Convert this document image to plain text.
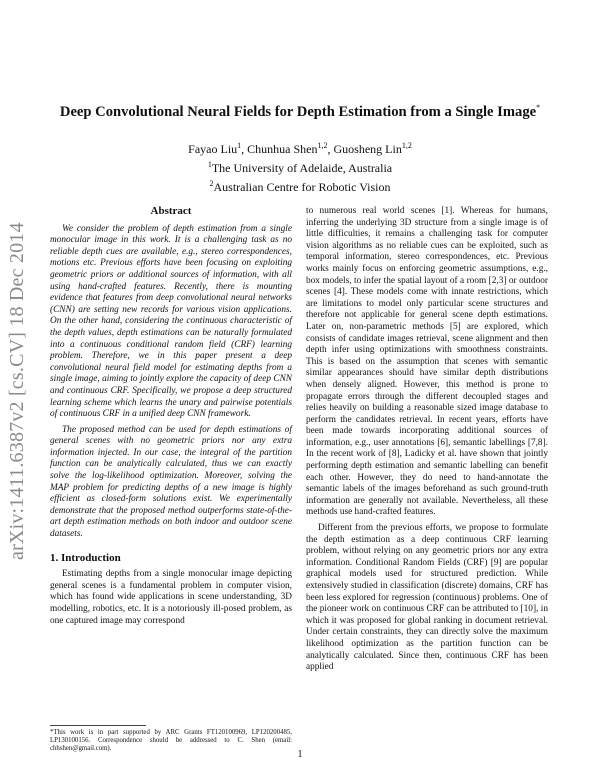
arXiv:1411.6387v2 [cs.CV] 18 Dec 2014
Deep Convolutional Neural Fields for Depth Estimation from a Single Image*
Fayao Liu$^1$, Chunhua Shen$^{1,2}$, Guosheng Lin$^{1,2}$
$^1$The University of Adelaide, Australia
$^2$Australian Centre for Robotic Vision
Abstract

We consider the problem of depth estimation from a single monocular image in this work. It is a challenging task as no reliable depth cues are available, e.g., stereo correspondences, motions etc. Previous efforts have been focusing on exploiting geometric priors or additional sources of information, with all using hand-crafted features. Recently, there is mounting evidence that features from deep convolutional neural networks (CNN) are setting new records for various vision applications. On the other hand, considering the continuous characteristic of the depth values, depth estimations can be naturally formulated into a continuous conditional random field (CRF) learning problem. Therefore, we in this paper present a deep convolutional neural field model for estimating depths from a single image, aiming to jointly explore the capacity of deep CNN and continuous CRF. Specifically, we propose a deep structured learning scheme which learns the unary and pairwise potentials of continuous CRF in a unified deep CNN framework.

The proposed method can be used for depth estimations of general scenes with no geometric priors nor any extra information injected. In our case, the integral of the partition function can be analytically calculated, thus we can exactly solve the log-likelihood optimization. Moreover, solving the MAP problem for predicting depths of a new image is highly efficient as closed-form solutions exist. We experimentally demonstrate that the proposed method outperforms state-of-the-art depth estimation methods on both indoor and outdoor scene datasets.

1. Introduction

Estimating depths from a single monocular image depicting general scenes is a fundamental problem in computer vision, which has found wide applications in scene understanding, 3D modelling, robotics, etc. It is a notoriously ill-posed problem, as one captured image may correspond

to numerous real world scenes [1]. Whereas for humans, inferring the underlying 3D structure from a single image is of little difficulties, it remains a challenging task for computer vision algorithms as no reliable cues can be exploited, such as temporal information, stereo correspondences, etc. Previous works mainly focus on enforcing geometric assumptions, e.g., box models, to infer the spatial layout of a room [2,3] or outdoor scenes [4]. These models come with innate restrictions, which are limitations to model only particular scene structures and therefore not applicable for general scene depth estimations. Later on, non-parametric methods [5] are explored, which consists of candidate images retrieval, scene alignment and then depth infer using optimizations with smoothness constraints. This is based on the assumption that scenes with semantic similar appearances should have similar depth distributions when densely aligned. However, this method is prone to propagate errors through the different decoupled stages and relies heavily on building a reasonable sized image database to perform the candidates retrieval. In recent years, efforts have been made towards incorporating additional sources of information, e.g., user annotations [6], semantic labellings [7,8]. In the recent work of [8], Ladicky et al. have shown that jointly performing depth estimation and semantic labelling can benefit each other. However, they do need to hand-annotate the semantic labels of the images beforehand as such ground-truth information are generally not available. Nevertheless, all these methods use hand-crafted features.

Different from the previous efforts, we propose to formulate the depth estimation as a deep continuous CRF learning problem, without relying on any geometric priors nor any extra information. Conditional Random Fields (CRF) [9] are popular graphical models used for structured prediction. While extensively studied in classification (discrete) domains, CRF has been less explored for regression (continuous) problems. One of the pioneer work on continuous CRF can be attributed to [10], in which it was proposed for global ranking in document retrieval. Under certain constraints, they can directly solve the maximum likelihood optimization as the partition function can be analytically calculated. Since then, continuous CRF has been applied

*This work is in part supported by ARC Grants FT120100969, LP120200485, LP130100156. Correspondence should be addressed to C. Shen (email: chhshen@gmail.com).
1
